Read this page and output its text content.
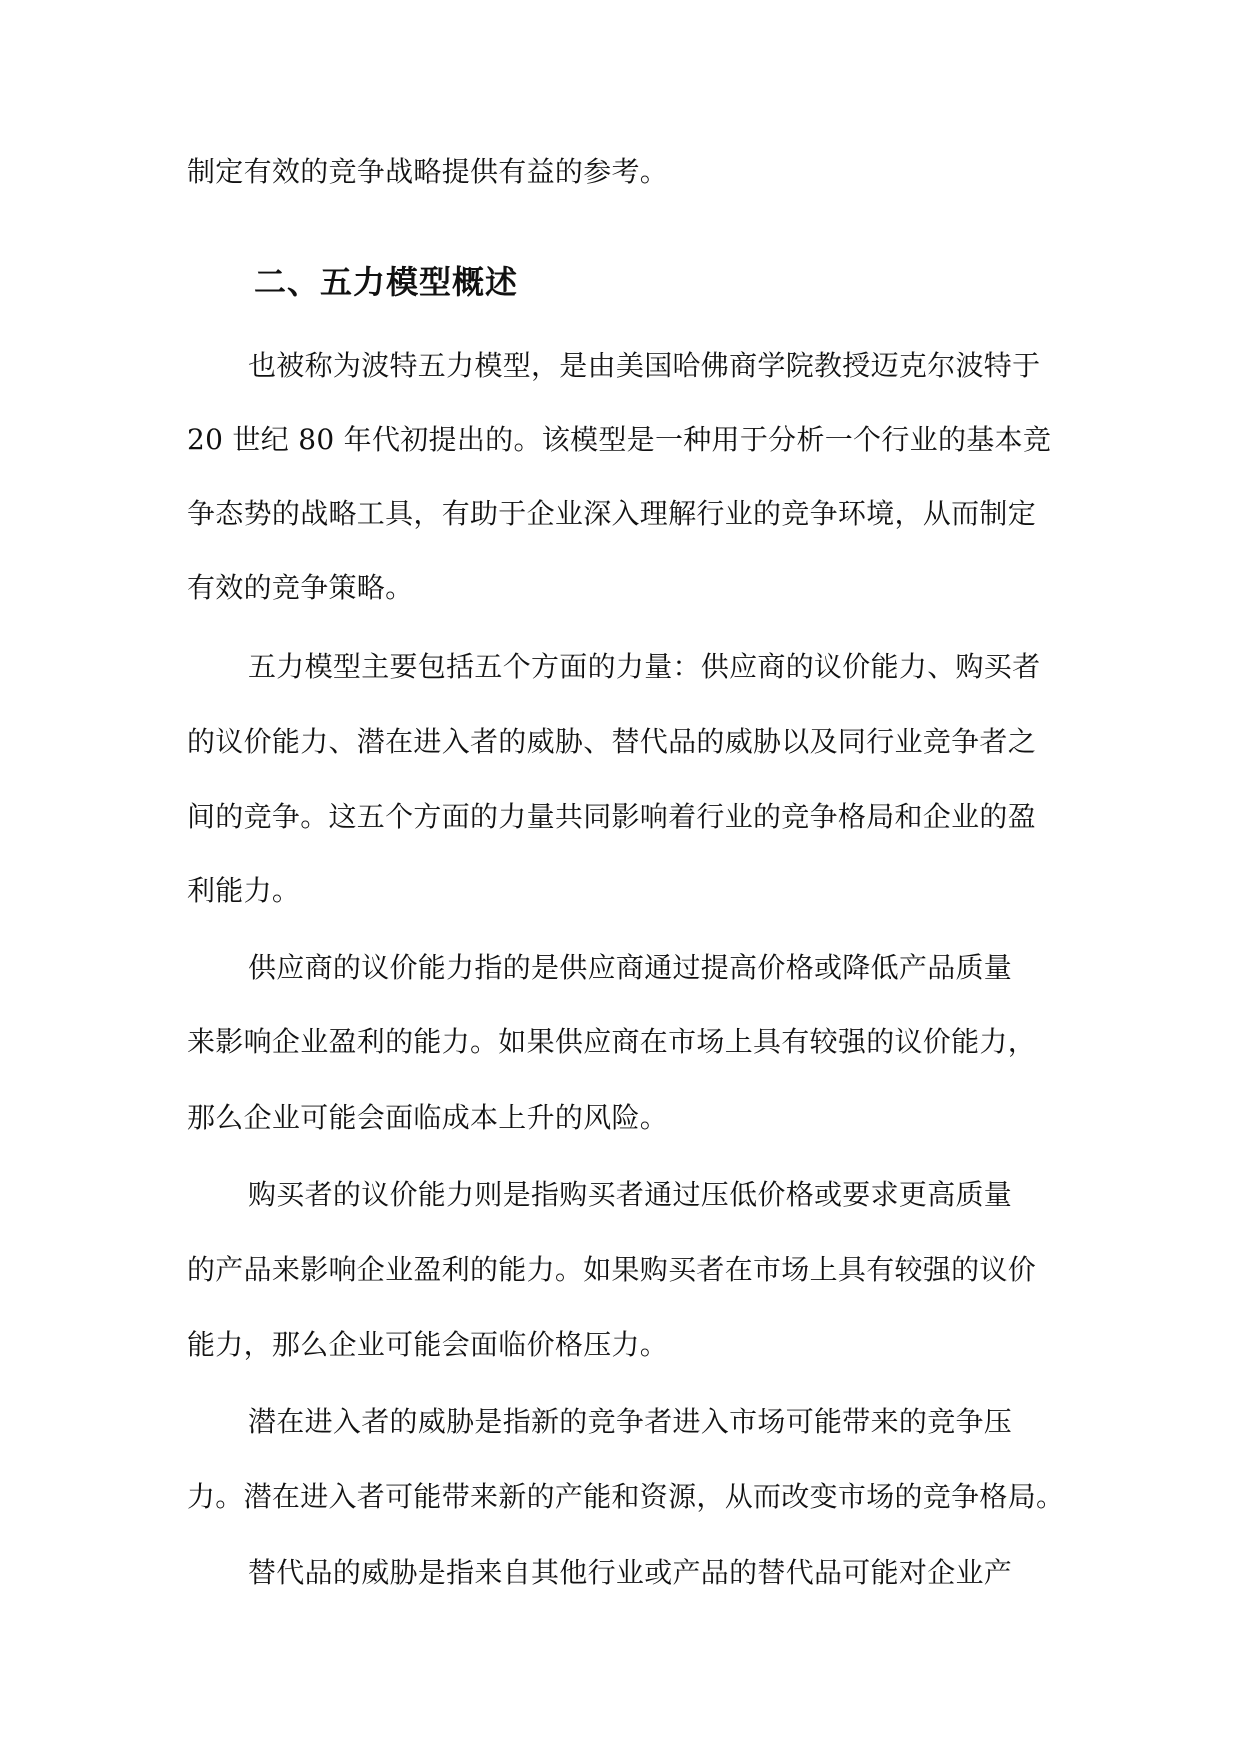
制定有效的竞争战略提供有益的参考。
二、五力模型概述
也被称为波特五力模型，是由美国哈佛商学院教授迈克尔波特于
20 世纪 80 年代初提出的。该模型是一种用于分析一个行业的基本竞
争态势的战略工具，有助于企业深入理解行业的竞争环境，从而制定
有效的竞争策略。
五力模型主要包括五个方面的力量：供应商的议价能力、购买者
的议价能力、潜在进入者的威胁、替代品的威胁以及同行业竞争者之
间的竞争。这五个方面的力量共同影响着行业的竞争格局和企业的盈
利能力。
供应商的议价能力指的是供应商通过提高价格或降低产品质量
来影响企业盈利的能力。如果供应商在市场上具有较强的议价能力，
那么企业可能会面临成本上升的风险。
购买者的议价能力则是指购买者通过压低价格或要求更高质量
的产品来影响企业盈利的能力。如果购买者在市场上具有较强的议价
能力，那么企业可能会面临价格压力。
潜在进入者的威胁是指新的竞争者进入市场可能带来的竞争压
力。潜在进入者可能带来新的产能和资源，从而改变市场的竞争格局。
替代品的威胁是指来自其他行业或产品的替代品可能对企业产
